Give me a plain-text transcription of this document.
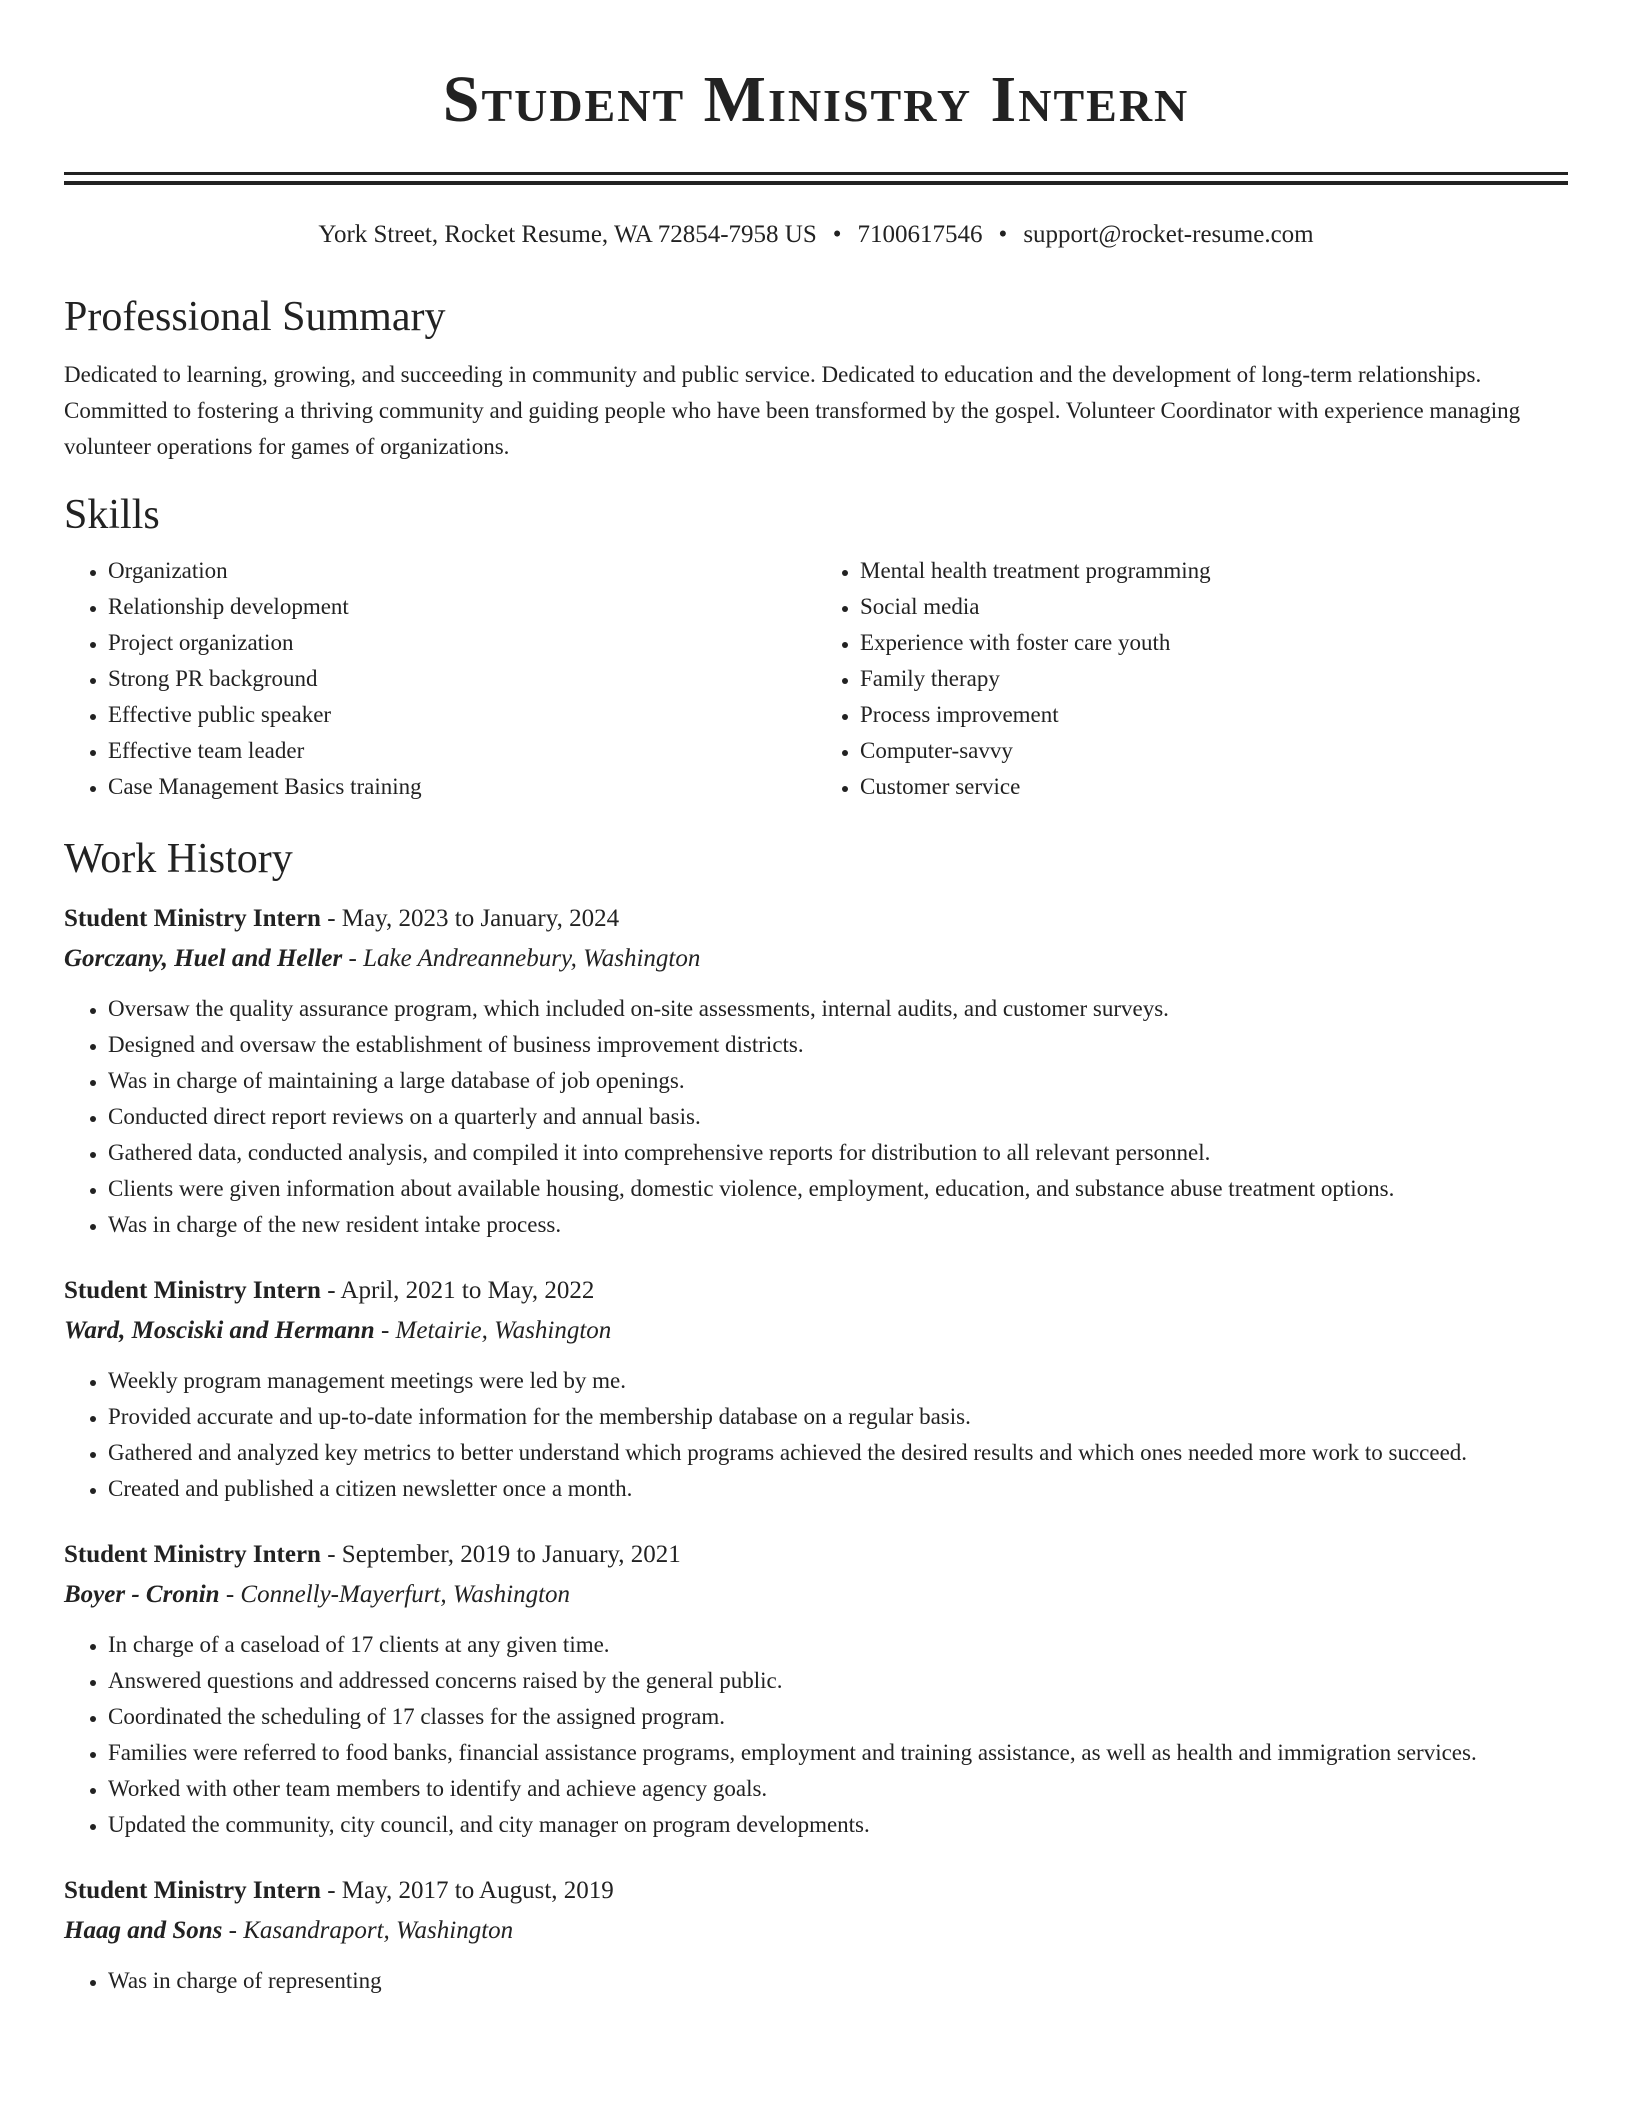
Student Ministry Intern
York Street, Rocket Resume, WA 72854-7958 US • 7100617546 • support@rocket-resume.com
Professional Summary

Dedicated to learning, growing, and succeeding in community and public service. Dedicated to education and the development of long-term relationships. Committed to fostering a thriving community and guiding people who have been transformed by the gospel. Volunteer Coordinator with experience managing volunteer operations for games of organizations.

Skills
• Organization
• Relationship development
• Project organization
• Strong PR background
• Effective public speaker
• Effective team leader
• Case Management Basics training
• Mental health treatment programming
• Social media
• Experience with foster care youth
• Family therapy
• Process improvement
• Computer-savvy
• Customer service
Work History
Student Ministry Intern - May, 2023 to January, 2024
Gorczany, Huel and Heller - Lake Andreannebury, Washington
• Oversaw the quality assurance program, which included on-site assessments, internal audits, and customer surveys.
• Designed and oversaw the establishment of business improvement districts.
• Was in charge of maintaining a large database of job openings.
• Conducted direct report reviews on a quarterly and annual basis.
• Gathered data, conducted analysis, and compiled it into comprehensive reports for distribution to all relevant personnel.
• Clients were given information about available housing, domestic violence, employment, education, and substance abuse treatment options.
• Was in charge of the new resident intake process.
Student Ministry Intern - April, 2021 to May, 2022
Ward, Mosciski and Hermann - Metairie, Washington
• Weekly program management meetings were led by me.
• Provided accurate and up-to-date information for the membership database on a regular basis.
• Gathered and analyzed key metrics to better understand which programs achieved the desired results and which ones needed more work to succeed.
• Created and published a citizen newsletter once a month.
Student Ministry Intern - September, 2019 to January, 2021
Boyer - Cronin - Connelly-Mayerfurt, Washington
• In charge of a caseload of 17 clients at any given time.
• Answered questions and addressed concerns raised by the general public.
• Coordinated the scheduling of 17 classes for the assigned program.
• Families were referred to food banks, financial assistance programs, employment and training assistance, as well as health and immigration services.
• Worked with other team members to identify and achieve agency goals.
• Updated the community, city council, and city manager on program developments.
Student Ministry Intern - May, 2017 to August, 2019
Haag and Sons - Kasandraport, Washington
• Was in charge of representing
